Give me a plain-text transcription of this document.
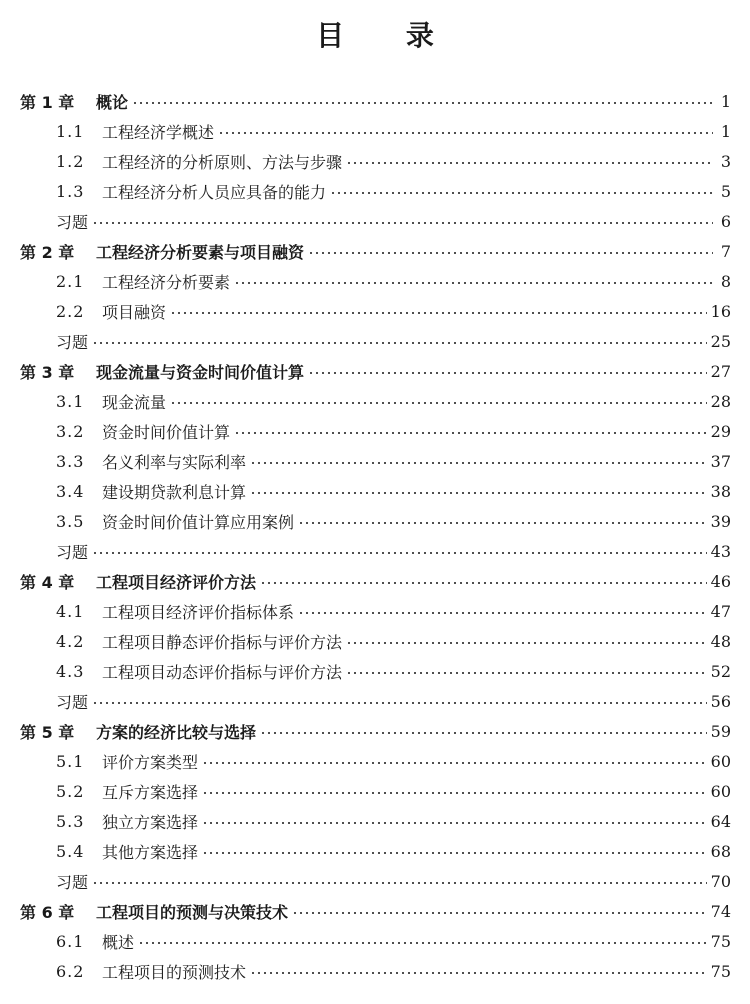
目 录
第 1 章	概论	1
1.1	工程经济学概述	1
1.2	工程经济的分析原则、方法与步骤	3
1.3	工程经济分析人员应具备的能力	5
习题	6
第 2 章	工程经济分析要素与项目融资	7
2.1	工程经济分析要素	8
2.2	项目融资	16
习题	25
第 3 章	现金流量与资金时间价值计算	27
3.1	现金流量	28
3.2	资金时间价值计算	29
3.3	名义利率与实际利率	37
3.4	建设期贷款利息计算	38
3.5	资金时间价值计算应用案例	39
习题	43
第 4 章	工程项目经济评价方法	46
4.1	工程项目经济评价指标体系	47
4.2	工程项目静态评价指标与评价方法	48
4.3	工程项目动态评价指标与评价方法	52
习题	56
第 5 章	方案的经济比较与选择	59
5.1	评价方案类型	60
5.2	互斥方案选择	60
5.3	独立方案选择	64
5.4	其他方案选择	68
习题	70
第 6 章	工程项目的预测与决策技术	74
6.1	概述	75
6.2	工程项目的预测技术	75
